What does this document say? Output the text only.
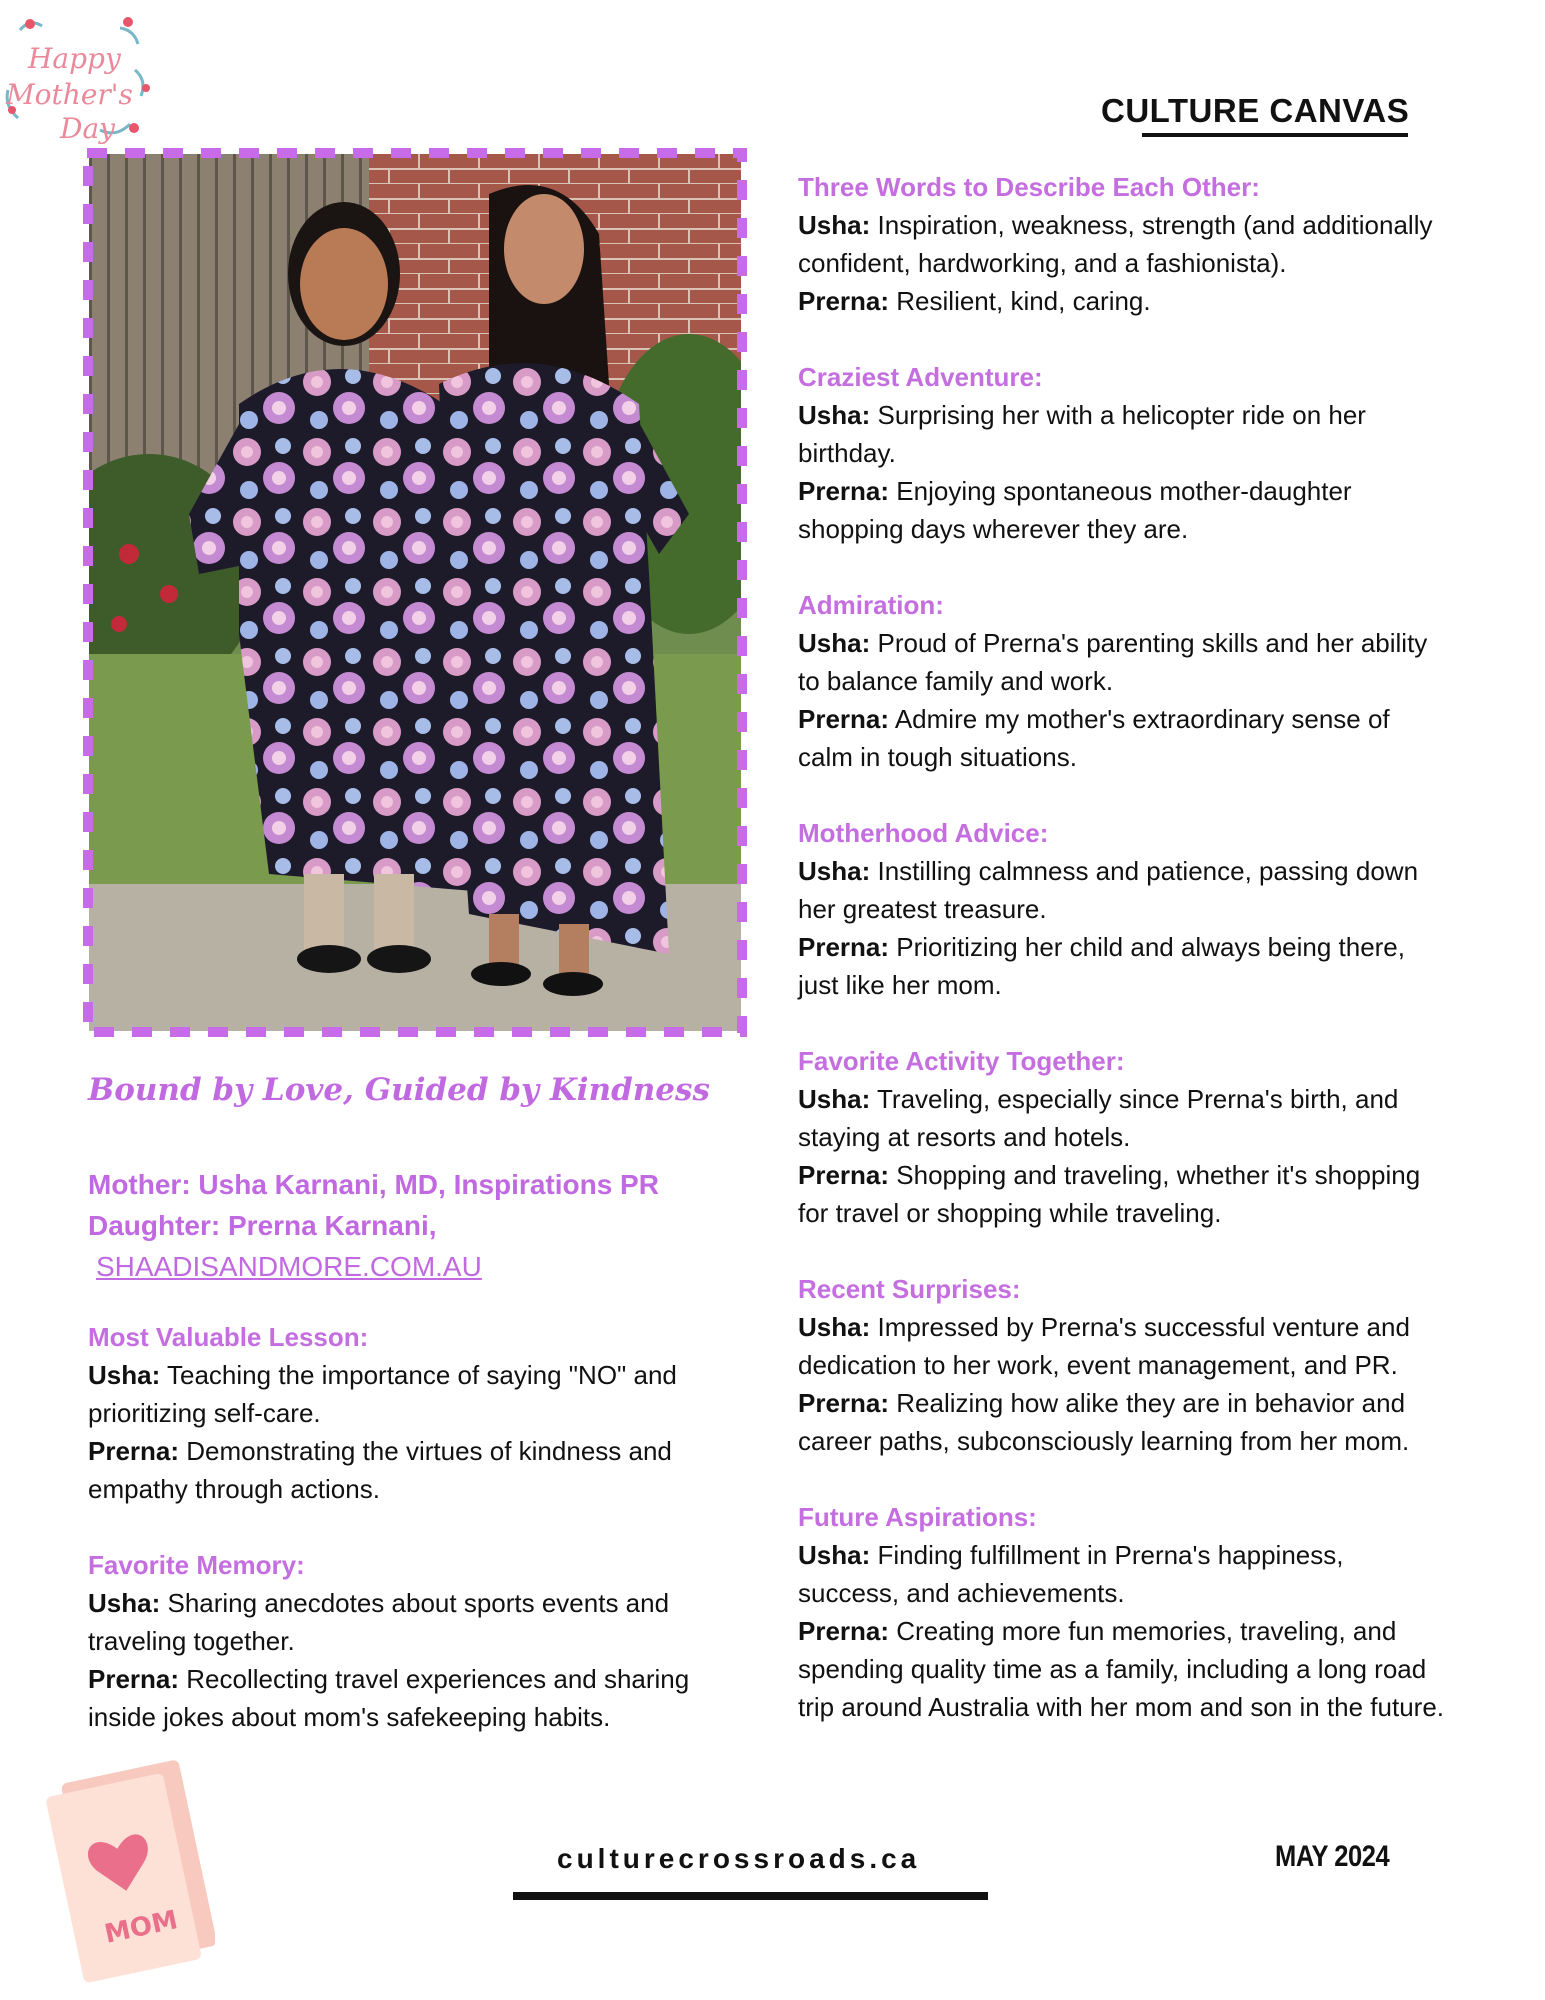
Happy
Mother's
Day	CULTURE CANVAS
Bound by Love, Guided by Kindness
Mother: Usha Karnani, MD, Inspirations PR
Daughter: Prerna Karnani,
SHAADISANDMORE.COM.AU
Most Valuable Lesson:

Usha: Teaching the importance of saying "NO" and prioritizing self-care.

Prerna: Demonstrating the virtues of kindness and empathy through actions.

Favorite Memory:

Usha: Sharing anecdotes about sports events and traveling together.

Prerna: Recollecting travel experiences and sharing inside jokes about mom's safekeeping habits.

Three Words to Describe Each Other:

Usha: Inspiration, weakness, strength (and additionally confident, hardworking, and a fashionista).

Prerna: Resilient, kind, caring.

Craziest Adventure:

Usha: Surprising her with a helicopter ride on her birthday.

Prerna: Enjoying spontaneous mother-daughter shopping days wherever they are.

Admiration:

Usha: Proud of Prerna's parenting skills and her ability to balance family and work.

Prerna: Admire my mother's extraordinary sense of calm in tough situations.

Motherhood Advice:

Usha: Instilling calmness and patience, passing down her greatest treasure.

Prerna: Prioritizing her child and always being there, just like her mom.

Favorite Activity Together:

Usha: Traveling, especially since Prerna's birth, and staying at resorts and hotels.

Prerna: Shopping and traveling, whether it's shopping for travel or shopping while traveling.

Recent Surprises:

Usha: Impressed by Prerna's successful venture and dedication to her work, event management, and PR.

Prerna: Realizing how alike they are in behavior and career paths, subconsciously learning from her mom.

Future Aspirations:

Usha: Finding fulfillment in Prerna's happiness, success, and achievements.

Prerna: Creating more fun memories, traveling, and spending quality time as a family, including a long road trip around Australia with her mom and son in the future.

MOM
culturecrossroads.ca	MAY 2024
